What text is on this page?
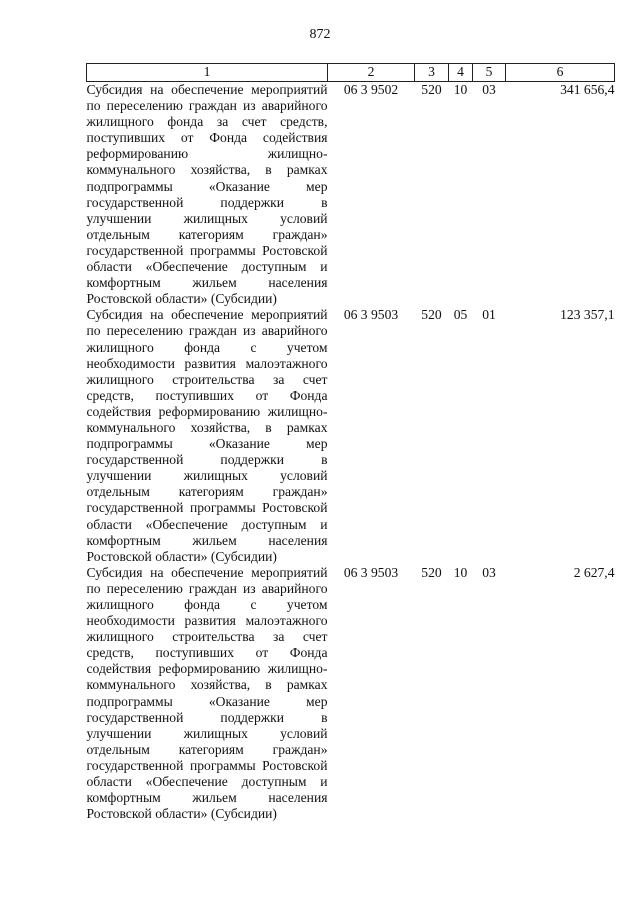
872
1	2	3	4	5	6
Субсидия на обеспечение мероприятий по переселению граждан из аварийного жилищного фонда за счет средств, поступивших от Фонда содействия реформированию жилищно-коммунального хозяйства, в рамках подпрограммы «Оказание мер государственной поддержки в улучшении жилищных условий отдельным категориям граждан» государственной программы Ростовской области «Обеспечение доступным и комфортным жильем населения Ростовской области» (Субсидии)	06 3 9502	520	10	03	341 656,4
Субсидия на обеспечение мероприятий по переселению граждан из аварийного жилищного фонда с учетом необходимости развития малоэтажного жилищного строительства за счет средств, поступивших от Фонда содействия реформированию жилищно-коммунального хозяйства, в рамках подпрограммы «Оказание мер государственной поддержки в улучшении жилищных условий отдельным категориям граждан» государственной программы Ростовской области «Обеспечение доступным и комфортным жильем населения Ростовской области» (Субсидии)	06 3 9503	520	05	01	123 357,1
Субсидия на обеспечение мероприятий по переселению граждан из аварийного жилищного фонда с учетом необходимости развития малоэтажного жилищного строительства за счет средств, поступивших от Фонда содействия реформированию жилищно-коммунального хозяйства, в рамках подпрограммы «Оказание мер государственной поддержки в улучшении жилищных условий отдельным категориям граждан» государственной программы Ростовской области «Обеспечение доступным и комфортным жильем населения Ростовской области» (Субсидии)	06 3 9503	520	10	03	2 627,4
